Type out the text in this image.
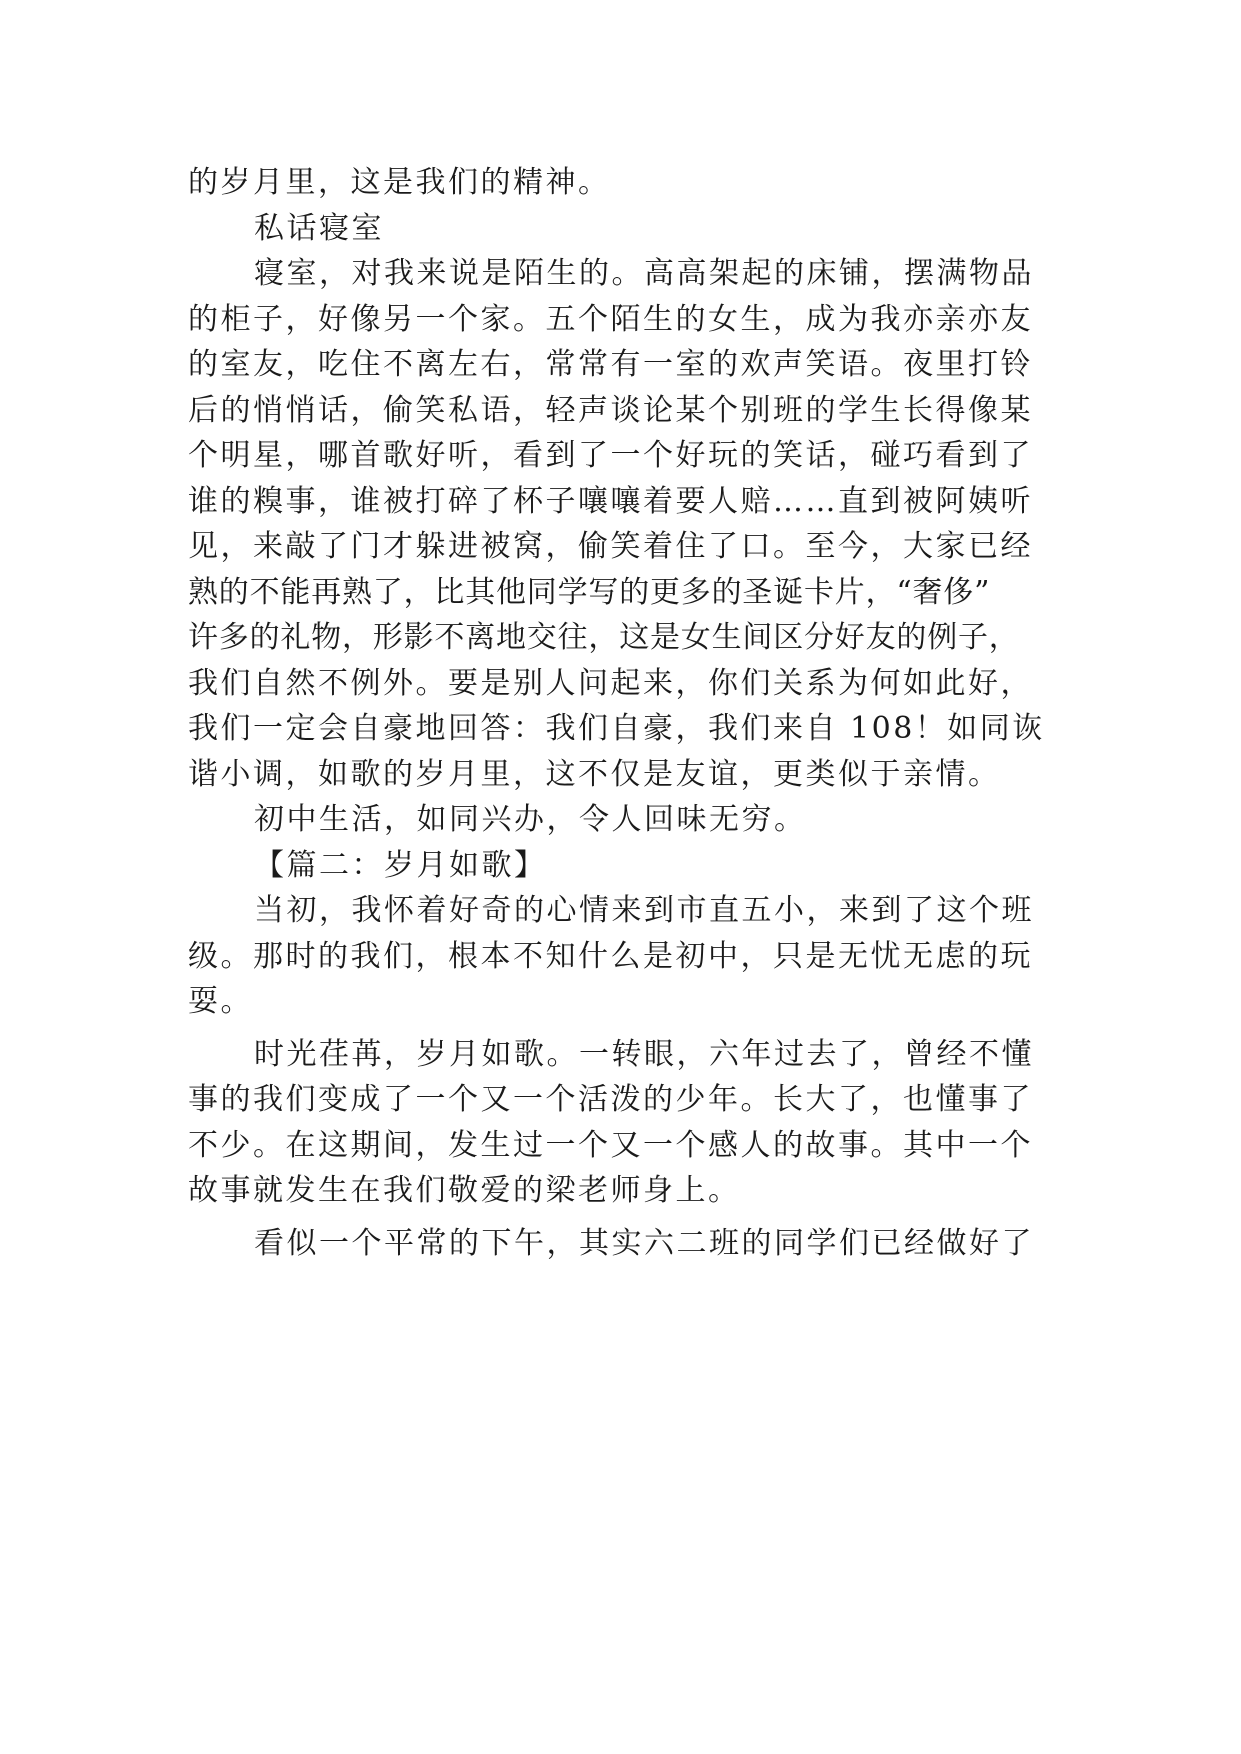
的岁月里，这是我们的精神。
私话寝室
寝室，对我来说是陌生的。高高架起的床铺，摆满物品
的柜子，好像另一个家。五个陌生的女生，成为我亦亲亦友
的室友，吃住不离左右，常常有一室的欢声笑语。夜里打铃
后的悄悄话，偷笑私语，轻声谈论某个别班的学生长得像某
个明星，哪首歌好听，看到了一个好玩的笑话，碰巧看到了
谁的糗事，谁被打碎了杯子嚷嚷着要人赔……直到被阿姨听
见，来敲了门才躲进被窝，偷笑着住了口。至今，大家已经
熟的不能再熟了，比其他同学写的更多的圣诞卡片，“奢侈”
许多的礼物，形影不离地交往，这是女生间区分好友的例子，
我们自然不例外。要是别人问起来，你们关系为何如此好，
我们一定会自豪地回答：我们自豪，我们来自 108！如同诙
谐小调，如歌的岁月里，这不仅是友谊，更类似于亲情。
初中生活，如同兴办，令人回味无穷。
【篇二：岁月如歌】
当初，我怀着好奇的心情来到市直五小，来到了这个班
级。那时的我们，根本不知什么是初中，只是无忧无虑的玩
耍。
时光荏苒，岁月如歌。一转眼，六年过去了，曾经不懂
事的我们变成了一个又一个活泼的少年。长大了，也懂事了
不少。在这期间，发生过一个又一个感人的故事。其中一个
故事就发生在我们敬爱的梁老师身上。
看似一个平常的下午，其实六二班的同学们已经做好了
